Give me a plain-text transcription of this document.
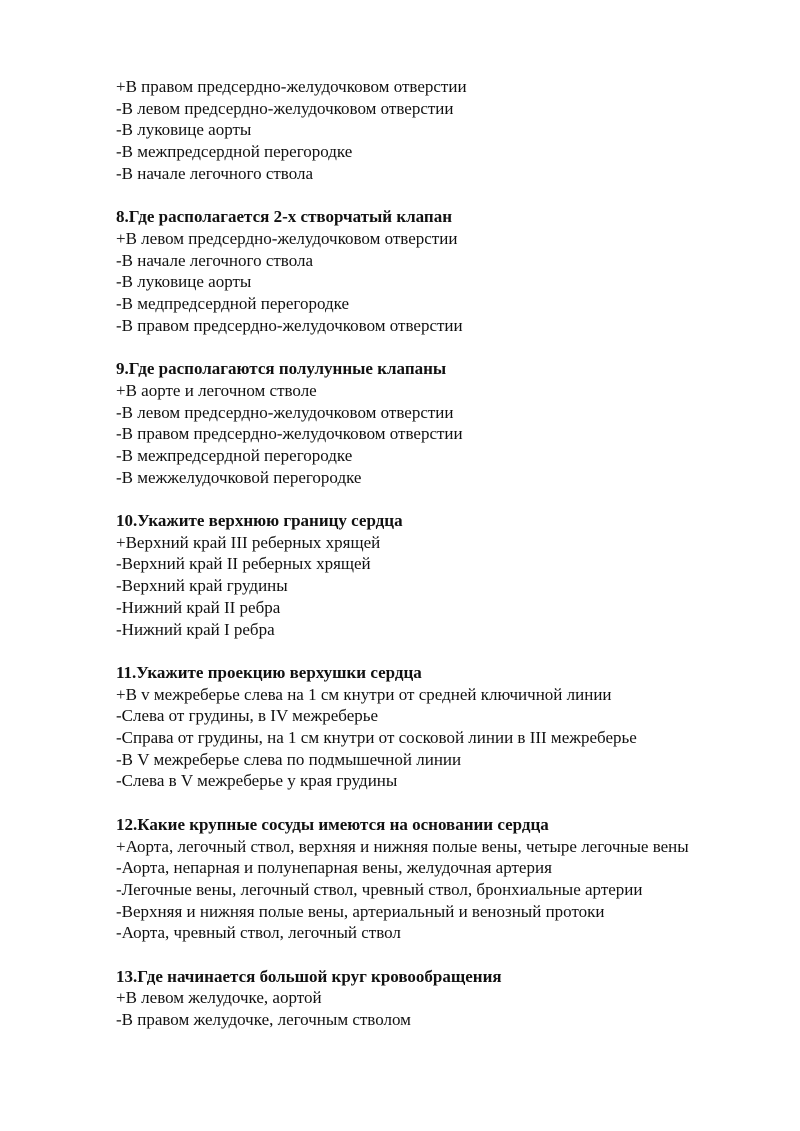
+В правом предсердно-желудочковом отверстии
-В левом предсердно-желудочковом отверстии
-В луковице аорты
-В межпредсердной перегородке
-В начале легочного ствола
8.Где располагается 2-х створчатый клапан
+В левом предсердно-желудочковом отверстии
-В начале легочного ствола
-В луковице аорты
-В медпредсердной перегородке
-В правом предсердно-желудочковом отверстии
9.Где располагаются полулунные клапаны
+В аорте и легочном стволе
-В левом предсердно-желудочковом отверстии
-В правом предсердно-желудочковом отверстии
-В межпредсердной перегородке
-В межжелудочковой перегородке
10.Укажите верхнюю границу сердца
+Верхний край III реберных хрящей
-Верхний край II реберных хрящей
-Верхний край грудины
-Нижний край II ребра
-Нижний край I ребра
11.Укажите проекцию верхушки сердца
+В v межреберье слева на 1 см кнутри от средней ключичной линии
-Слева от грудины, в IV межреберье
-Справа от грудины, на 1 см кнутри от сосковой линии в III межреберье
-В V межреберье слева по подмышечной линии
-Слева в V межреберье у края грудины
12.Какие крупные сосуды имеются на основании сердца
+Аорта, легочный ствол, верхняя и нижняя полые вены, четыре легочные вены
-Аорта, непарная и полунепарная вены, желудочная артерия
-Легочные вены, легочный ствол, чревный ствол, бронхиальные артерии
-Верхняя и нижняя полые вены, артериальный и венозный протоки
-Аорта, чревный ствол, легочный ствол
13.Где начинается большой круг кровообращения
+В левом желудочке, аортой
-В правом желудочке, легочным стволом
